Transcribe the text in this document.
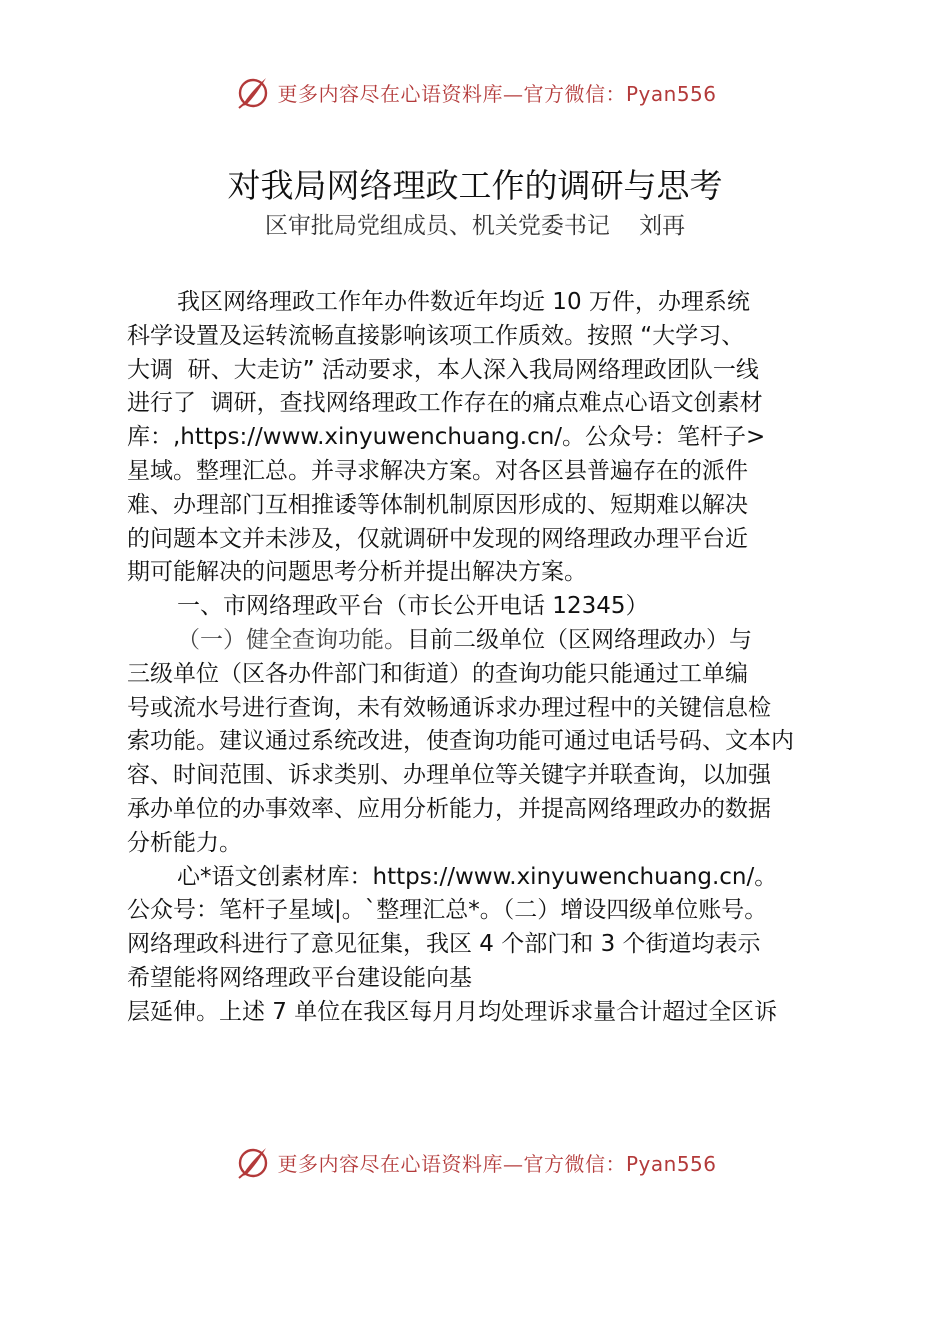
更多内容尽在心语资料库—官方微信：Pyan556
对我局网络理政工作的调研与思考
区审批局党组成员、机关党委书记    刘再
我区网络理政工作年办件数近年均近 10 万件，办理系统
科学设置及运转流畅直接影响该项工作质效。按照 “大学习、
大调  研、大走访” 活动要求，本人深入我局网络理政团队一线
进行了  调研，查找网络理政工作存在的痛点难点心语文创素材
库：,https://www.xinyuwenchuang.cn/。公众号：笔杆子>
星域。整理汇总。并寻求解决方案。对各区县普遍存在的派件
难、办理部门互相推诿等体制机制原因形成的、短期难以解决
的问题本文并未涉及，仅就调研中发现的网络理政办理平台近
期可能解决的问题思考分析并提出解决方案。
一、市网络理政平台（市长公开电话 12345）
（一）健全查询功能。目前二级单位（区网络理政办）与
三级单位（区各办件部门和街道）的查询功能只能通过工单编
号或流水号进行查询，未有效畅通诉求办理过程中的关键信息检
索功能。建议通过系统改进，使查询功能可通过电话号码、文本内
容、时间范围、诉求类别、办理单位等关键字并联查询，以加强
承办单位的办事效率、应用分析能力，并提高网络理政办的数据
分析能力。
心*语文创素材库：https://www.xinyuwenchuang.cn/。
公众号：笔杆子星域|。`整理汇总*。（二）增设四级单位账号。
网络理政科进行了意见征集，我区 4 个部门和 3 个街道均表示
希望能将网络理政平台建设能向基
层延伸。上述 7 单位在我区每月月均处理诉求量合计超过全区诉
更多内容尽在心语资料库—官方微信：Pyan556
